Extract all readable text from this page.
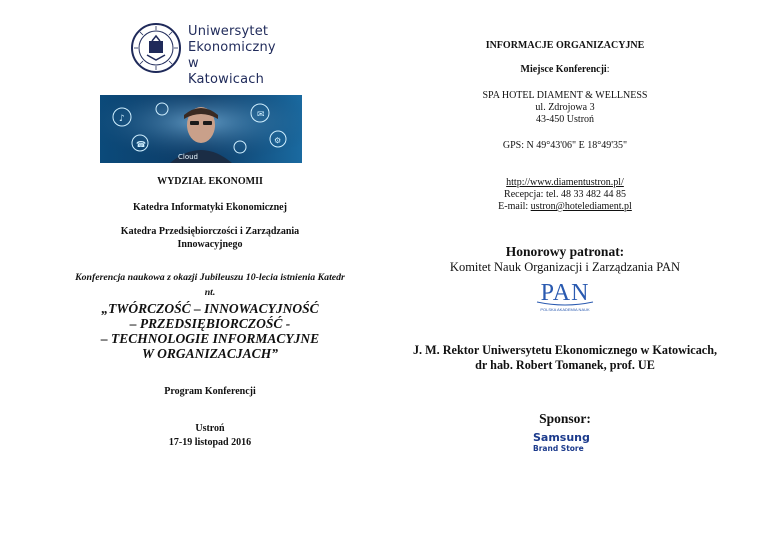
Uniwersytet
Ekonomiczny
w Katowicach
♪	✉
☎	⚙
Cloud
WYDZIAŁ EKONOMII
Katedra Informatyki Ekonomicznej
Katedra Przedsiębiorczości i Zarządzania
Innowacyjnego
Konferencja naukowa z okazji Jubileuszu 10-lecia istnienia Katedr
nt.
„TWÓRCZOŚĆ – INNOWACYJNOŚĆ
– PRZEDSIĘBIORCZOŚĆ -
– TECHNOLOGIE INFORMACYJNE
W ORGANIZACJACH”
Program Konferencji
Ustroń
17-19 listopad 2016
INFORMACJE ORGANIZACYJNE
Miejsce Konferencji:
SPA HOTEL DIAMENT & WELLNESS
ul. Zdrojowa 3
43-450 Ustroń
GPS: N 49°43'06" E 18°49'35"
http://www.diamentustron.pl/
Recepcja: tel. 48 33 482 44 85
E-mail: ustron@hotelediament.pl
Honorowy patronat:
Komitet Nauk Organizacji i Zarządzania PAN
PAN
POLSKA AKADEMIA NAUK
J. M. Rektor Uniwersytetu Ekonomicznego w Katowicach,
dr hab. Robert Tomanek, prof. UE
Sponsor:
Samsung
Brand Store
